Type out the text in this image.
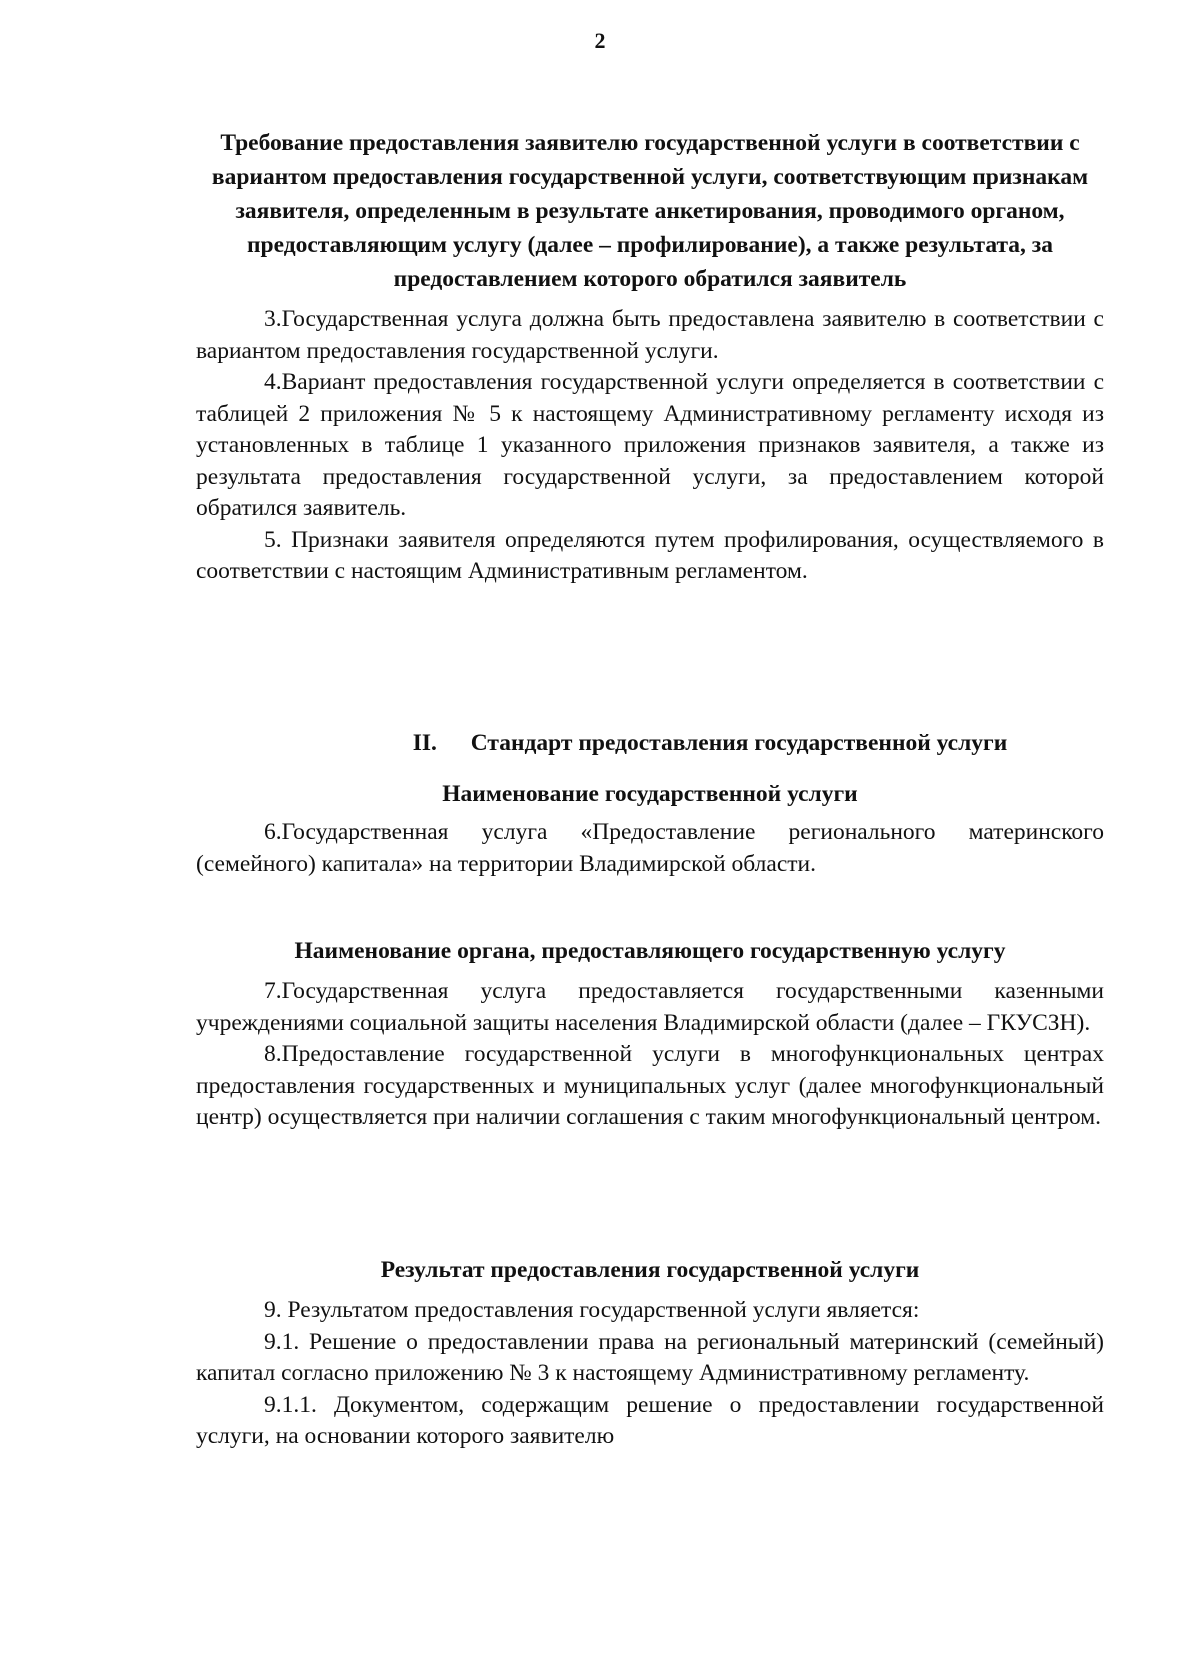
2

Требование предоставления заявителю государственной услуги в соответствии с вариантом предоставления государственной услуги, соответствующим признакам заявителя, определенным в результате анкетирования, проводимого органом, предоставляющим услугу (далее – профилирование), а также результата, за предоставлением которого обратился заявитель

3.Государственная услуга должна быть предоставлена заявителю в соответствии с вариантом предоставления государственной услуги.

4.Вариант предоставления государственной услуги определяется в соответствии с таблицей 2 приложения № 5 к настоящему Административному регламенту исходя из установленных в таблице 1 указанного приложения признаков заявителя, а также из результата предоставления государственной услуги, за предоставлением которой обратился заявитель.

5. Признаки заявителя определяются путем профилирования, осуществляемого в соответствии с настоящим Административным регламентом.

II. Стандарт предоставления государственной услуги

Наименование государственной услуги

6.Государственная услуга «Предоставление регионального материнского (семейного) капитала» на территории Владимирской области.

Наименование органа, предоставляющего государственную услугу

7.Государственная услуга предоставляется государственными казенными учреждениями социальной защиты населения Владимирской области (далее – ГКУСЗН).

8.Предоставление государственной услуги в многофункциональных центрах предоставления государственных и муниципальных услуг (далее многофункциональный центр) осуществляется при наличии соглашения с таким многофункциональный центром.

Результат предоставления государственной услуги

9. Результатом предоставления государственной услуги является:

9.1. Решение о предоставлении права на региональный материнский (семейный) капитал согласно приложению № 3 к настоящему Административному регламенту.

9.1.1. Документом, содержащим решение о предоставлении государственной услуги, на основании которого заявителю
